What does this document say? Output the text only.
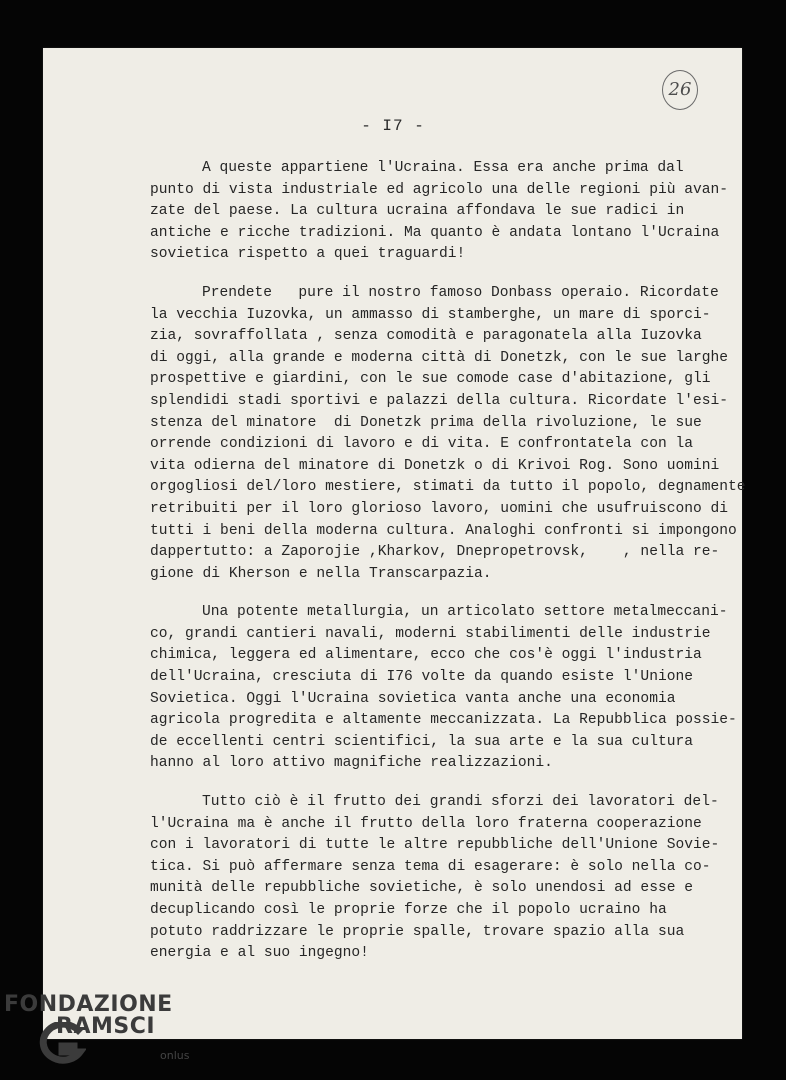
26
- I7 -
A queste appartiene l'Ucraina. Essa era anche prima dal
punto di vista industriale ed agricolo una delle regioni più avan-
zate del paese. La cultura ucraina affondava le sue radici in
antiche e ricche tradizioni. Ma quanto è andata lontano l'Ucraina
sovietica rispetto a quei traguardi!
Prendete   pure il nostro famoso Donbass operaio. Ricordate
la vecchia Iuzovka, un ammasso di stamberghe, un mare di sporci-
zia, sovraffollata , senza comodità e paragonatela alla Iuzovka
di oggi, alla grande e moderna città di Donetzk, con le sue larghe
prospettive e giardini, con le sue comode case d'abitazione, gli
splendidi stadi sportivi e palazzi della cultura. Ricordate l'esi-
stenza del minatore  di Donetzk prima della rivoluzione, le sue
orrende condizioni di lavoro e di vita. E confrontatela con la
vita odierna del minatore di Donetzk o di Krivoi Rog. Sono uomini
orgogliosi del/loro mestiere, stimati da tutto il popolo, degnamente
retribuiti per il loro glorioso lavoro, uomini che usufruiscono di
tutti i beni della moderna cultura. Analoghi confronti si impongono
dappertutto: a Zaporojie ,Kharkov, Dnepropetrovsk,    , nella re-
gione di Kherson e nella Transcarpazia.
Una potente metallurgia, un articolato settore metalmeccani-
co, grandi cantieri navali, moderni stabilimenti delle industrie
chimica, leggera ed alimentare, ecco che cos'è oggi l'industria
dell'Ucraina, cresciuta di I76 volte da quando esiste l'Unione
Sovietica. Oggi l'Ucraina sovietica vanta anche una economia
agricola progredita e altamente meccanizzata. La Repubblica possie-
de eccellenti centri scientifici, la sua arte e la sua cultura
hanno al loro attivo magnifiche realizzazioni.
Tutto ciò è il frutto dei grandi sforzi dei lavoratori del-
l'Ucraina ma è anche il frutto della loro fraterna cooperazione
con i lavoratori di tutte le altre repubbliche dell'Unione Sovie-
tica. Si può affermare senza tema di esagerare: è solo nella co-
munità delle repubbliche sovietiche, è solo unendosi ad esse e
decuplicando così le proprie forze che il popolo ucraino ha
potuto raddrizzare le proprie spalle, trovare spazio alla sua
energia e al suo ingegno!
FONDAZIONE
RAMSCI
onlus
